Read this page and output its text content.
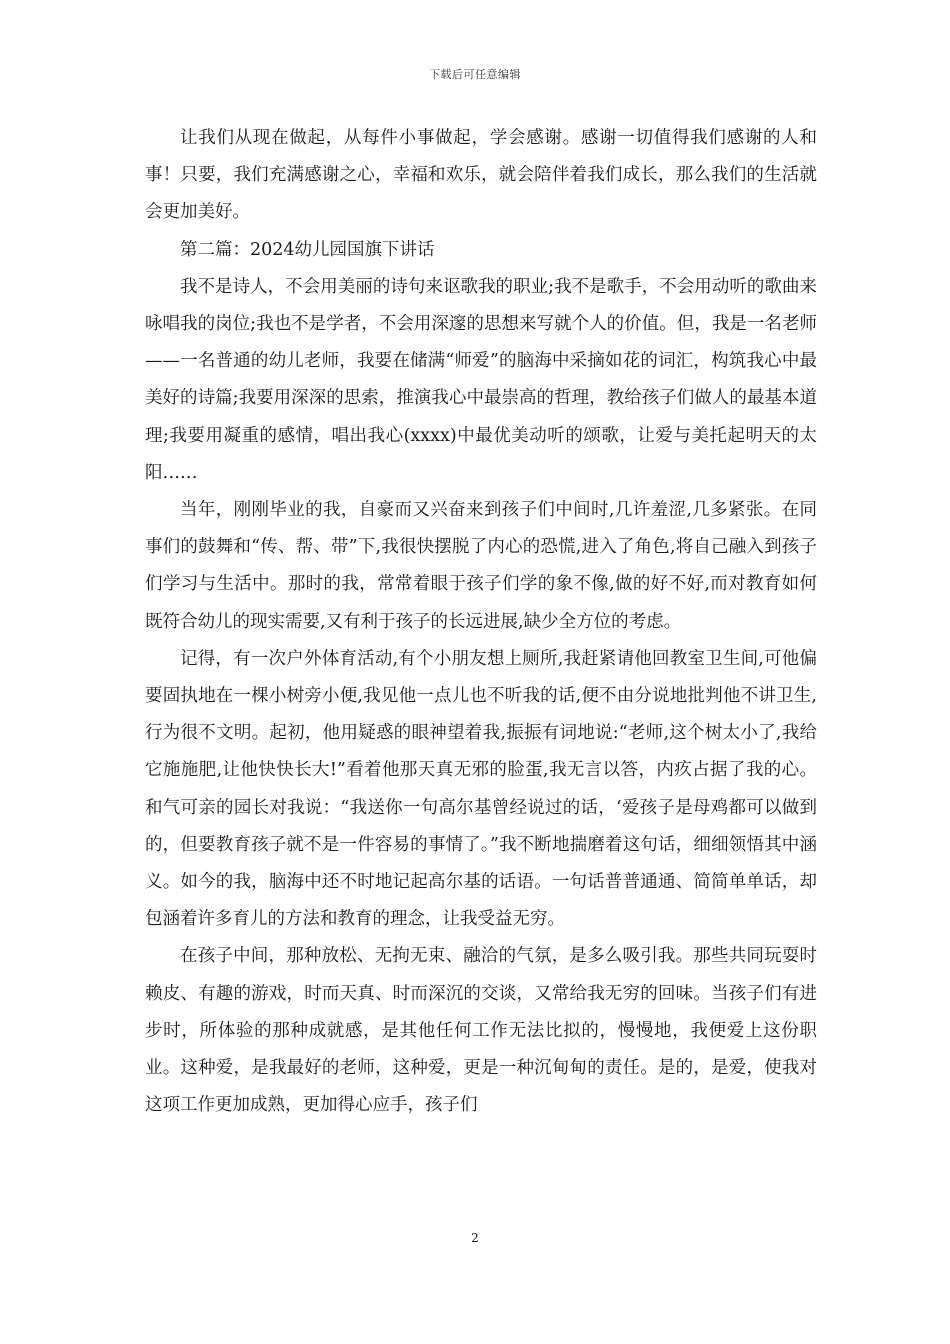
下载后可任意编辑

让我们从现在做起，从每件小事做起，学会感谢。感谢一切值得我们感谢的人和事！只要，我们充满感谢之心，幸福和欢乐，就会陪伴着我们成长，那么我们的生活就会更加美好。

第二篇：2024幼儿园国旗下讲话

我不是诗人，不会用美丽的诗句来讴歌我的职业;我不是歌手，不会用动听的歌曲来咏唱我的岗位;我也不是学者，不会用深邃的思想来写就个人的价值。但，我是一名老师——一名普通的幼儿老师，我要在储满“师爱”的脑海中采摘如花的词汇，构筑我心中最美好的诗篇;我要用深深的思索，推演我心中最崇高的哲理，教给孩子们做人的最基本道理;我要用凝重的感情，唱出我心(xxxx)中最优美动听的颂歌，让爱与美托起明天的太阳……

当年，刚刚毕业的我，自豪而又兴奋来到孩子们中间时,几许羞涩,几多紧张。在同事们的鼓舞和“传、帮、带”下,我很快摆脱了内心的恐慌,进入了角色,将自己融入到孩子们学习与生活中。那时的我，常常着眼于孩子们学的象不像,做的好不好,而对教育如何既符合幼儿的现实需要,又有利于孩子的长远进展,缺少全方位的考虑。

记得，有一次户外体育活动,有个小朋友想上厕所,我赶紧请他回教室卫生间,可他偏要固执地在一棵小树旁小便,我见他一点儿也不听我的话,便不由分说地批判他不讲卫生,行为很不文明。起初，他用疑惑的眼神望着我,振振有词地说:“老师,这个树太小了,我给它施施肥,让他快快长大!”看着他那天真无邪的脸蛋,我无言以答，内疚占据了我的心。和气可亲的园长对我说：“我送你一句高尔基曾经说过的话，‘爱孩子是母鸡都可以做到的，但要教育孩子就不是一件容易的事情了。”我不断地揣磨着这句话，细细领悟其中涵义。如今的我，脑海中还不时地记起高尔基的话语。一句话普普通通、简简单单话，却包涵着许多育儿的方法和教育的理念，让我受益无穷。

在孩子中间，那种放松、无拘无束、融洽的气氛，是多么吸引我。那些共同玩耍时赖皮、有趣的游戏，时而天真、时而深沉的交谈，又常给我无穷的回味。当孩子们有进步时，所体验的那种成就感，是其他任何工作无法比拟的，慢慢地，我便爱上这份职业。这种爱，是我最好的老师，这种爱，更是一种沉甸甸的责任。是的，是爱，使我对这项工作更加成熟，更加得心应手，孩子们

2
